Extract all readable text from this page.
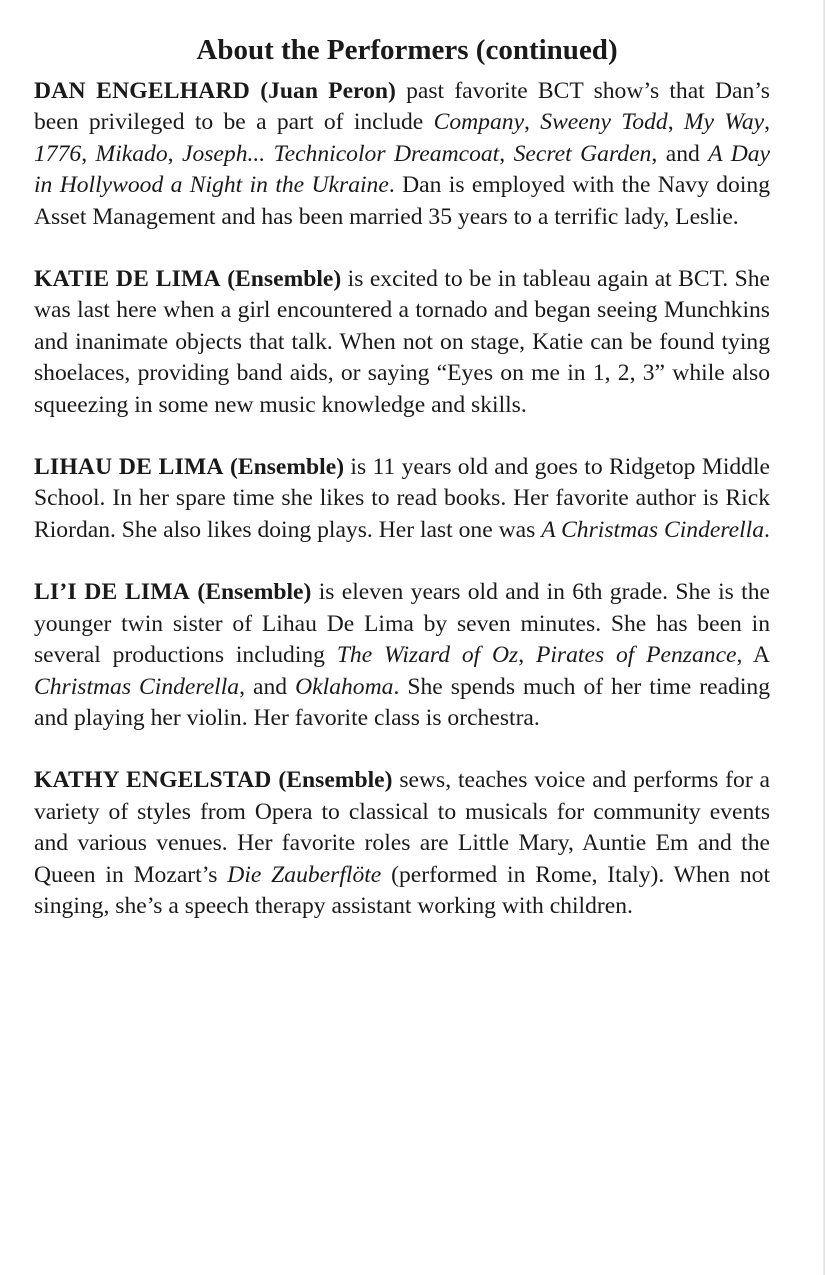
About the Performers (continued)

DAN ENGELHARD (Juan Peron) past favorite BCT show’s that Dan’s been privileged to be a part of include Company, Sweeny Todd, My Way, 1776, Mikado, Joseph... Technicolor Dreamcoat, Secret Garden, and A Day in Hollywood a Night in the Ukraine. Dan is employed with the Navy doing Asset Management and has been married 35 years to a terrific lady, Leslie.

KATIE DE LIMA (Ensemble) is excited to be in tableau again at BCT. She was last here when a girl encountered a tornado and began seeing Munchkins and inanimate objects that talk. When not on stage, Katie can be found tying shoelaces, providing band aids, or saying “Eyes on me in 1, 2, 3” while also squeezing in some new music knowledge and skills.

LIHAU DE LIMA (Ensemble) is 11 years old and goes to Ridgetop Middle School. In her spare time she likes to read books. Her favorite author is Rick Riordan. She also likes doing plays. Her last one was A Christmas Cinderella.

LI’I DE LIMA (Ensemble) is eleven years old and in 6th grade. She is the younger twin sister of Lihau De Lima by seven minutes. She has been in several productions including The Wizard of Oz, Pirates of Penzance, A Christmas Cinderella, and Oklahoma. She spends much of her time reading and playing her violin. Her favorite class is orchestra.

KATHY ENGELSTAD (Ensemble) sews, teaches voice and performs for a variety of styles from Opera to classical to musicals for community events and various venues. Her favorite roles are Little Mary, Auntie Em and the Queen in Mozart’s Die Zauberflöte (performed in Rome, Italy). When not singing, she’s a speech therapy assistant working with children.
